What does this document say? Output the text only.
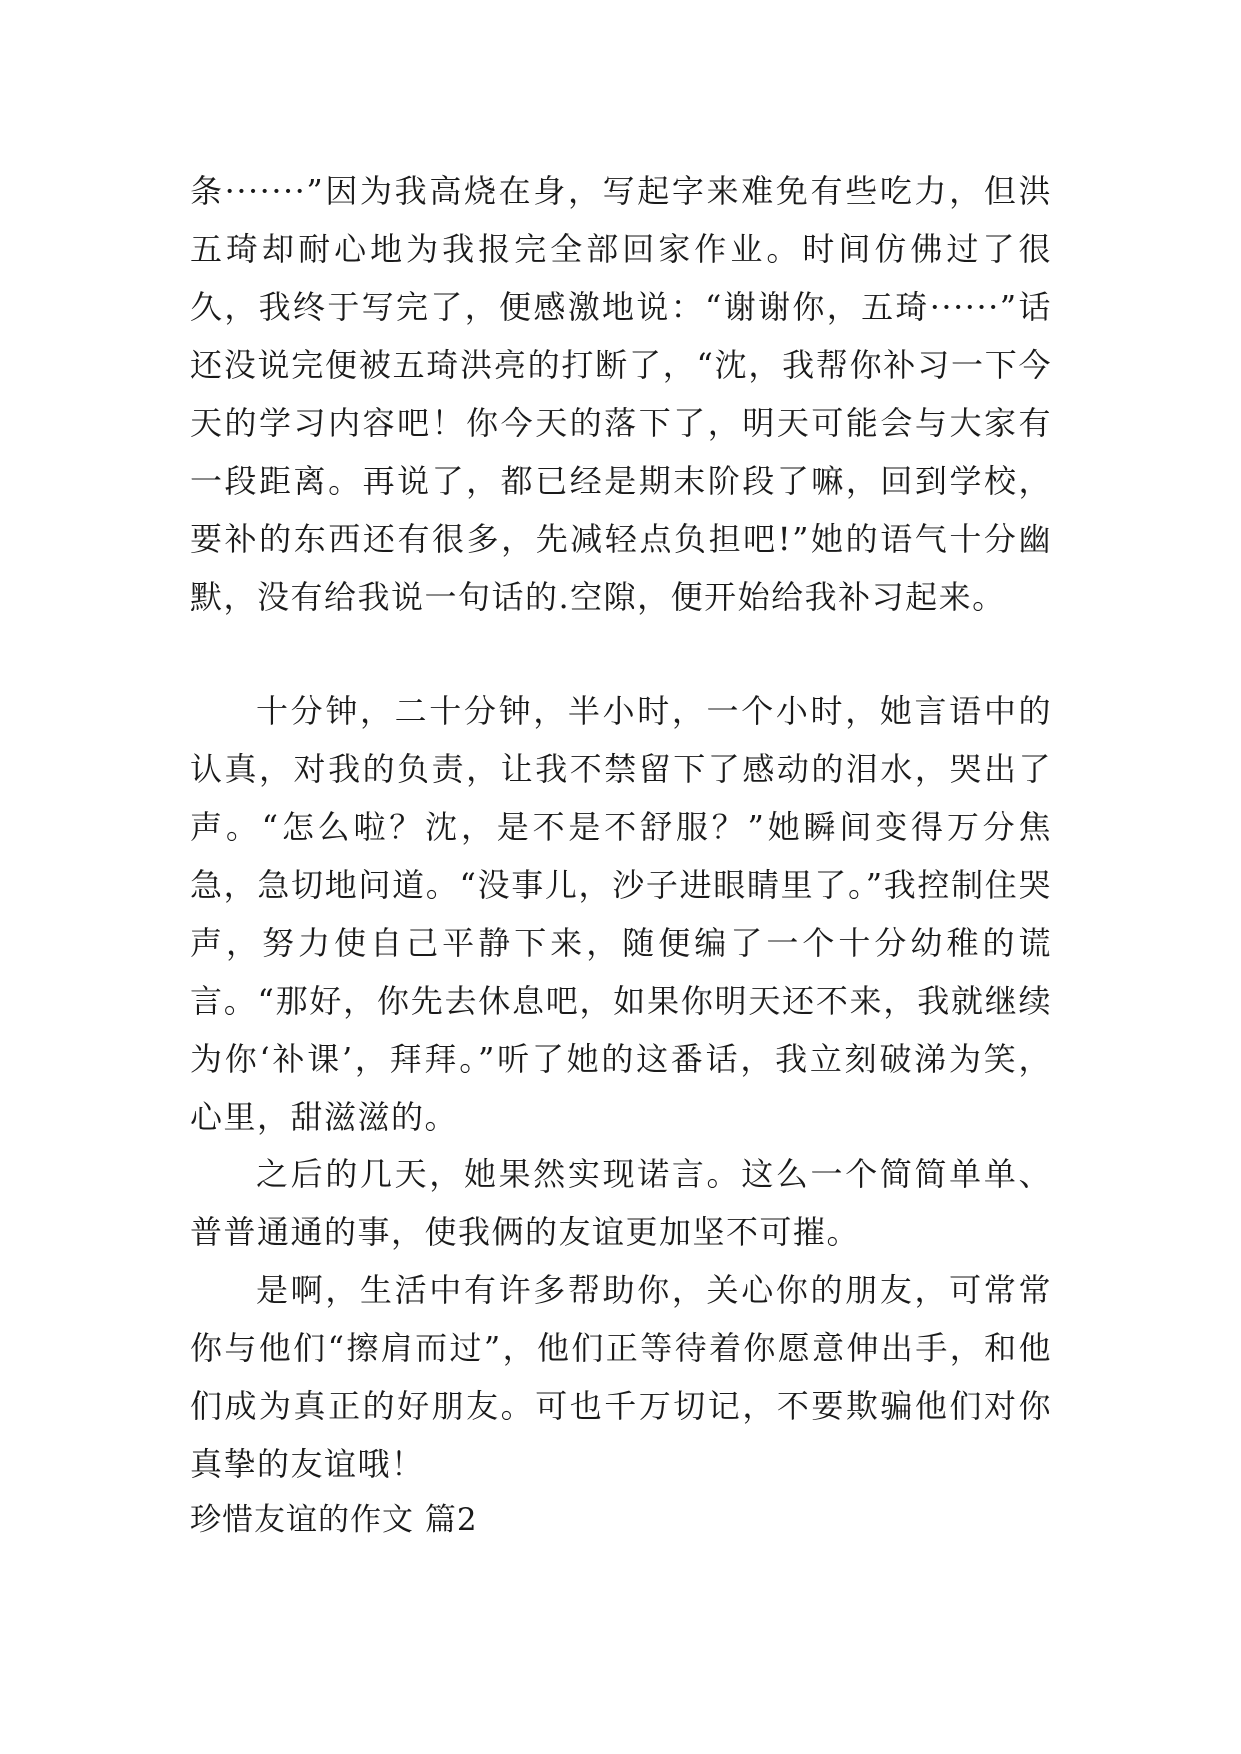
条·······”因为我高烧在身，写起字来难免有些吃力，但洪五琦却耐心地为我报完全部回家作业。时间仿佛过了很久，我终于写完了，便感激地说：“谢谢你，五琦······”话还没说完便被五琦洪亮的打断了，“沈，我帮你补习一下今天的学习内容吧！你今天的落下了，明天可能会与大家有一段距离。再说了，都已经是期末阶段了嘛，回到学校，要补的东西还有很多，先减轻点负担吧!”她的语气十分幽默，没有给我说一句话的.空隙，便开始给我补习起来。

十分钟，二十分钟，半小时，一个小时，她言语中的认真，对我的负责，让我不禁留下了感动的泪水，哭出了声。“怎么啦？沈，是不是不舒服？”她瞬间变得万分焦急，急切地问道。“没事儿，沙子进眼睛里了。”我控制住哭声，努力使自己平静下来，随便编了一个十分幼稚的谎言。“那好，你先去休息吧，如果你明天还不来，我就继续为你‘补课’，拜拜。”听了她的这番话，我立刻破涕为笑，心里，甜滋滋的。

之后的几天，她果然实现诺言。这么一个简简单单、普普通通的事，使我俩的友谊更加坚不可摧。

是啊，生活中有许多帮助你，关心你的朋友，可常常你与他们“擦肩而过”，他们正等待着你愿意伸出手，和他们成为真正的好朋友。可也千万切记，不要欺骗他们对你真挚的友谊哦！

珍惜友谊的作文 篇2
